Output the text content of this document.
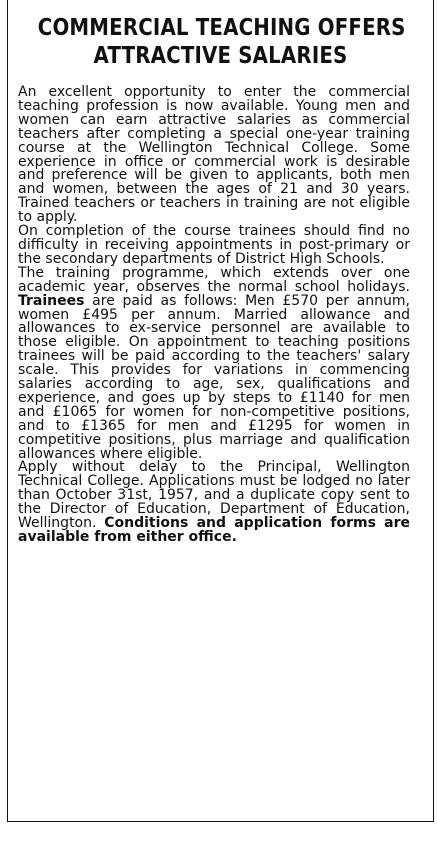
COMMERCIAL TEACHING OFFERS
ATTRACTIVE SALARIES

An excellent opportunity to enter the commercial teaching profession is now available. Young men and women can earn attractive salaries as commercial teachers after completing a special one-year training course at the Wellington Technical College. Some experience in office or commercial work is desirable and preference will be given to applicants, both men and women, between the ages of 21 and 30 years. Trained teachers or teachers in training are not eligible to apply.

On completion of the course trainees should find no difficulty in receiving appointments in post-primary or the secondary departments of District High Schools.

The training programme, which extends over one academic year, observes the normal school holidays. Trainees are paid as follows: Men £570 per annum, women £495 per annum. Married allowance and allowances to ex-service personnel are available to those eligible. On appointment to teaching positions trainees will be paid according to the teachers' salary scale. This provides for variations in commencing salaries according to age, sex, qualifications and experience, and goes up by steps to £1140 for men and £1065 for women for non-competitive positions, and to £1365 for men and £1295 for women in competitive positions, plus marriage and qualification allowances where eligible.

Apply without delay to the Principal, Wellington Technical College. Applications must be lodged no later than October 31st, 1957, and a duplicate copy sent to the Director of Education, Department of Education, Wellington. Conditions and application forms are available from either office.
